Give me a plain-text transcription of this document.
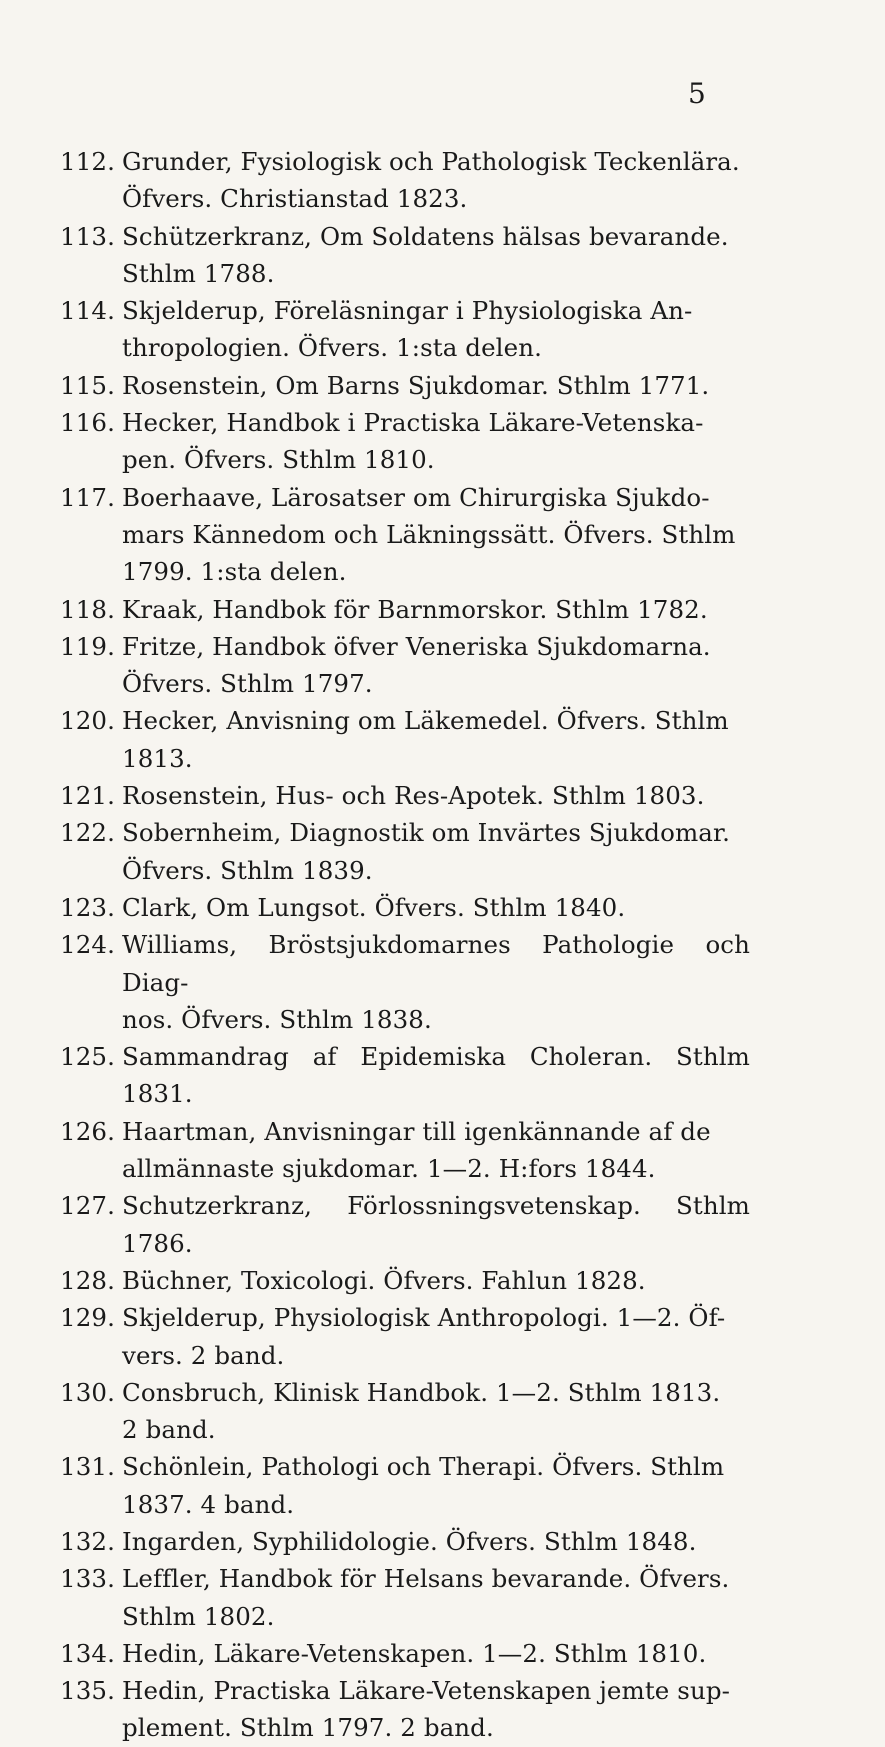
5
112. Grunder, Fysiologisk och Pathologisk Teckenlära.
Öfvers. Christianstad 1823.
113. Schützerkranz, Om Soldatens hälsas bevarande.
Sthlm 1788.
114. Skjelderup, Föreläsningar i Physiologiska An-
thropologien. Öfvers. 1:sta delen.
115. Rosenstein, Om Barns Sjukdomar. Sthlm 1771.
116. Hecker, Handbok i Practiska Läkare-Vetenska-
pen. Öfvers. Sthlm 1810.
117. Boerhaave, Lärosatser om Chirurgiska Sjukdo-
mars Kännedom och Läkningssätt. Öfvers. Sthlm
1799. 1:sta delen.
118. Kraak, Handbok för Barnmorskor. Sthlm 1782.
119. Fritze, Handbok öfver Veneriska Sjukdomarna.
Öfvers. Sthlm 1797.
120. Hecker, Anvisning om Läkemedel. Öfvers. Sthlm
1813.
121. Rosenstein, Hus- och Res-Apotek. Sthlm 1803.
122. Sobernheim, Diagnostik om Invärtes Sjukdomar.
Öfvers. Sthlm 1839.
123. Clark, Om Lungsot. Öfvers. Sthlm 1840.
124. Williams, Bröstsjukdomarnes Pathologie och Diag-
nos. Öfvers. Sthlm 1838.
125. Sammandrag af Epidemiska Choleran. Sthlm 1831.
126. Haartman, Anvisningar till igenkännande af de
allmännaste sjukdomar. 1—2. H:fors 1844.
127. Schutzerkranz, Förlossningsvetenskap. Sthlm 1786.
128. Büchner, Toxicologi. Öfvers. Fahlun 1828.
129. Skjelderup, Physiologisk Anthropologi. 1—2. Öf-
vers. 2 band.
130. Consbruch, Klinisk Handbok. 1—2. Sthlm 1813.
2 band.
131. Schönlein, Pathologi och Therapi. Öfvers. Sthlm
1837. 4 band.
132. Ingarden, Syphilidologie. Öfvers. Sthlm 1848.
133. Leffler, Handbok för Helsans bevarande. Öfvers.
Sthlm 1802.
134. Hedin, Läkare-Vetenskapen. 1—2. Sthlm 1810.
135. Hedin, Practiska Läkare-Vetenskapen jemte sup-
plement. Sthlm 1797. 2 band.
